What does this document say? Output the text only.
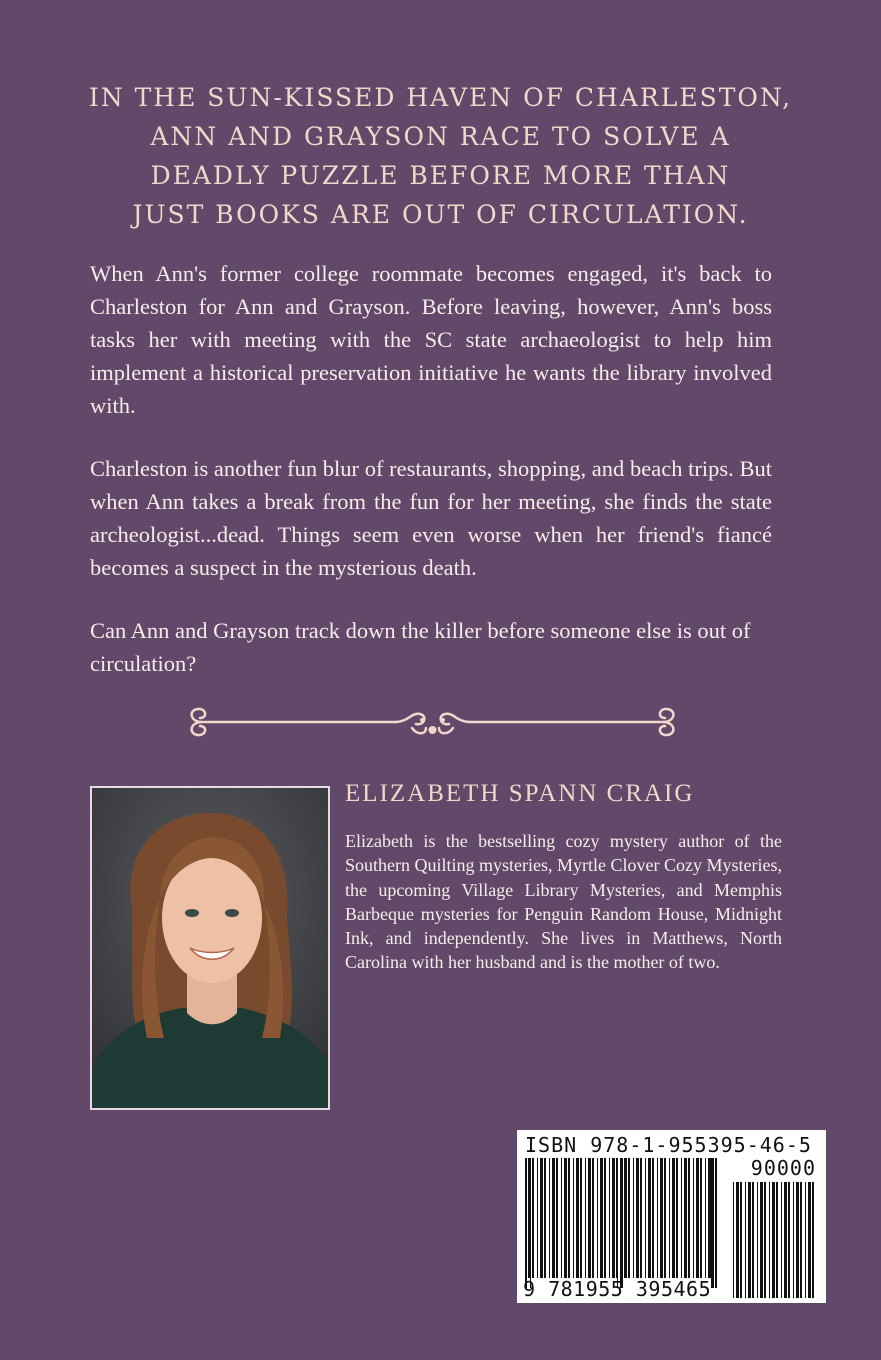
IN THE SUN-KISSED HAVEN OF CHARLESTON,
ANN AND GRAYSON RACE TO SOLVE A
DEADLY PUZZLE BEFORE MORE THAN
JUST BOOKS ARE OUT OF CIRCULATION.

When Ann's former college roommate becomes engaged, it's back to Charleston for Ann and Grayson. Before leaving, however, Ann's boss tasks her with meeting with the SC state archaeologist to help him implement a historical preservation initiative he wants the library involved with.

Charleston is another fun blur of restaurants, shopping, and beach trips. But when Ann takes a break from the fun for her meeting, she finds the state archeologist...dead. Things seem even worse when her friend's fiancé becomes a suspect in the mysterious death.

Can Ann and Grayson track down the killer before someone else is out of circulation?

ELIZABETH SPANN CRAIG
Elizabeth is the bestselling cozy mystery author of the Southern Quilting mysteries, Myrtle Clover Cozy Mysteries, the upcoming Village Library Mysteries, and Memphis Barbeque mysteries for Penguin Random House, Midnight Ink, and independently. She lives in Matthews, North Carolina with her husband and is the mother of two.
ISBN 978-1-955395-46-5
90000
9 781955 395465
